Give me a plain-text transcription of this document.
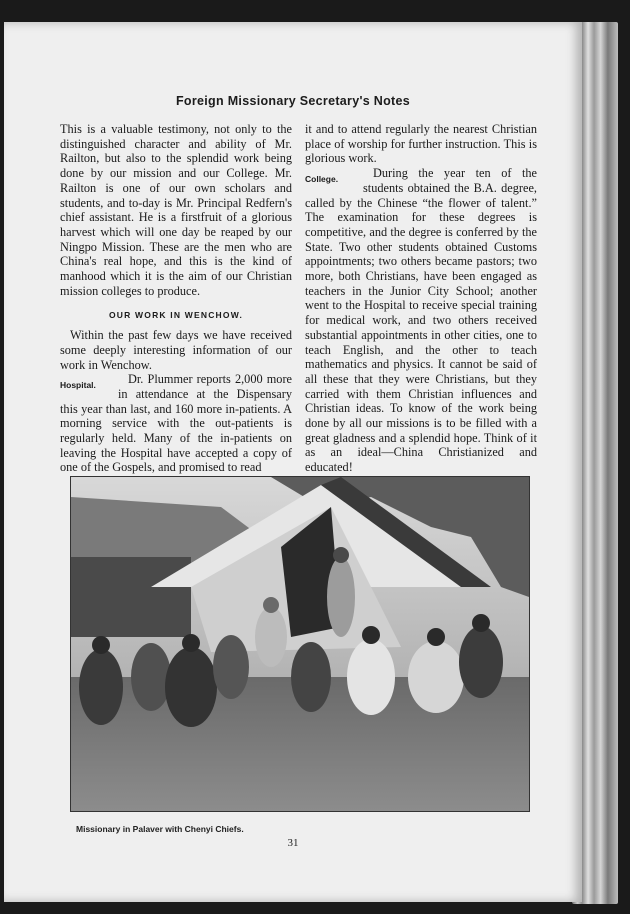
Foreign Missionary Secretary's Notes

This is a valuable testimony, not only to the distinguished character and ability of Mr. Railton, but also to the splendid work being done by our mission and our College. Mr. Railton is one of our own scholars and students, and to-day is Mr. Principal Redfern's chief assistant. He is a firstfruit of a glorious harvest which will one day be reaped by our Ningpo Mission. These are the men who are China's real hope, and this is the kind of manhood which it is the aim of our Christian mission colleges to produce.

OUR WORK IN WENCHOW.

Within the past few days we have received some deeply interesting information of our work in Wenchow.

Hospital.	Dr. Plummer reports 2,000 more in attendance at the Dispensary this year than last, and 160 more in-patients. A morning service with the out-patients is regularly held. Many of the in-patients on leaving the Hospital have accepted a copy of one of the Gospels, and promised to read

it and to attend regularly the nearest Christian place of worship for further instruction. This is glorious work.

College.	During the year ten of the students obtained the B.A. degree, called by the Chinese “the flower of talent.” The examination for these degrees is competitive, and the degree is conferred by the State. Two other students obtained Customs appointments; two others became pastors; two more, both Christians, have been engaged as teachers in the Junior City School; another went to the Hospital to receive special training for medical work, and two others received substantial appointments in other cities, one to teach English, and the other to teach mathematics and physics. It cannot be said of all these that they were Christians, but they carried with them Christian influences and Christian ideas. To know of the work being done by all our missions is to be filled with a great gladness and a splendid hope. Think of it as an ideal—China Christianized and educated!

Missionary in Palaver with Chenyi Chiefs.
31
